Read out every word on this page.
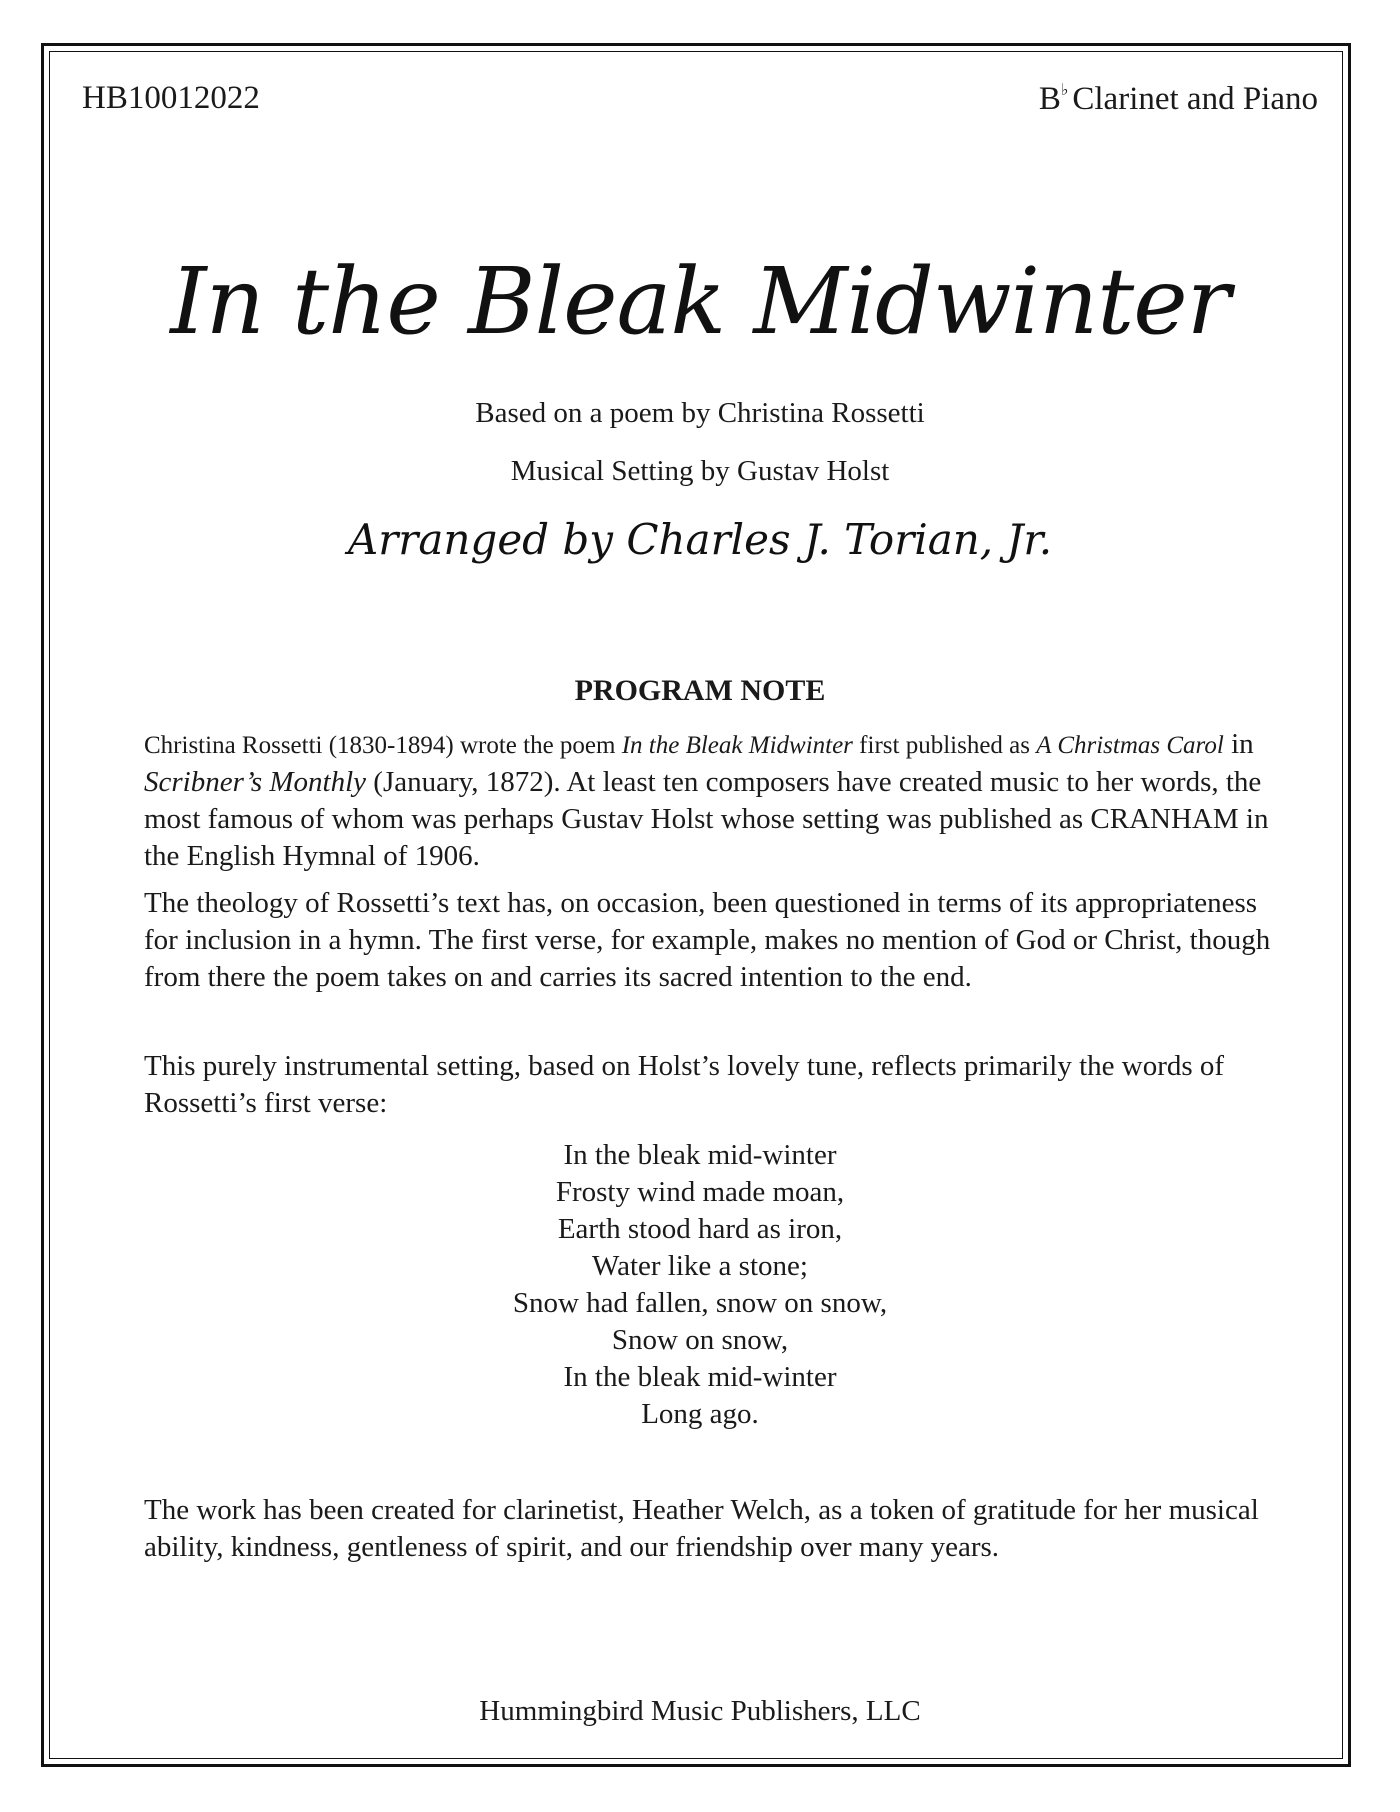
HB10012022	B♭ Clarinet and Piano
In the Bleak Midwinter
Based on a poem by Christina Rossetti
Musical Setting by Gustav Holst
Arranged by Charles J. Torian, Jr.
PROGRAM NOTE

Christina Rossetti (1830-1894) wrote the poem In the Bleak Midwinter first published as A Christmas Carol in Scribner’s Monthly (January, 1872). At least ten composers have created music to her words, the most famous of whom was perhaps Gustav Holst whose setting was published as CRANHAM in the English Hymnal of 1906.

The theology of Rossetti’s text has, on occasion, been questioned in terms of its appropriateness for inclusion in a hymn. The first verse, for example, makes no mention of God or Christ, though from there the poem takes on and carries its sacred intention to the end.

This purely instrumental setting, based on Holst’s lovely tune, reflects primarily the words of Rossetti’s first verse:

In the bleak mid-winter
Frosty wind made moan,
Earth stood hard as iron,
Water like a stone;
Snow had fallen, snow on snow,
Snow on snow,
In the bleak mid-winter
Long ago.

The work has been created for clarinetist, Heather Welch, as a token of gratitude for her musical ability, kindness, gentleness of spirit, and our friendship over many years.

Hummingbird Music Publishers, LLC
